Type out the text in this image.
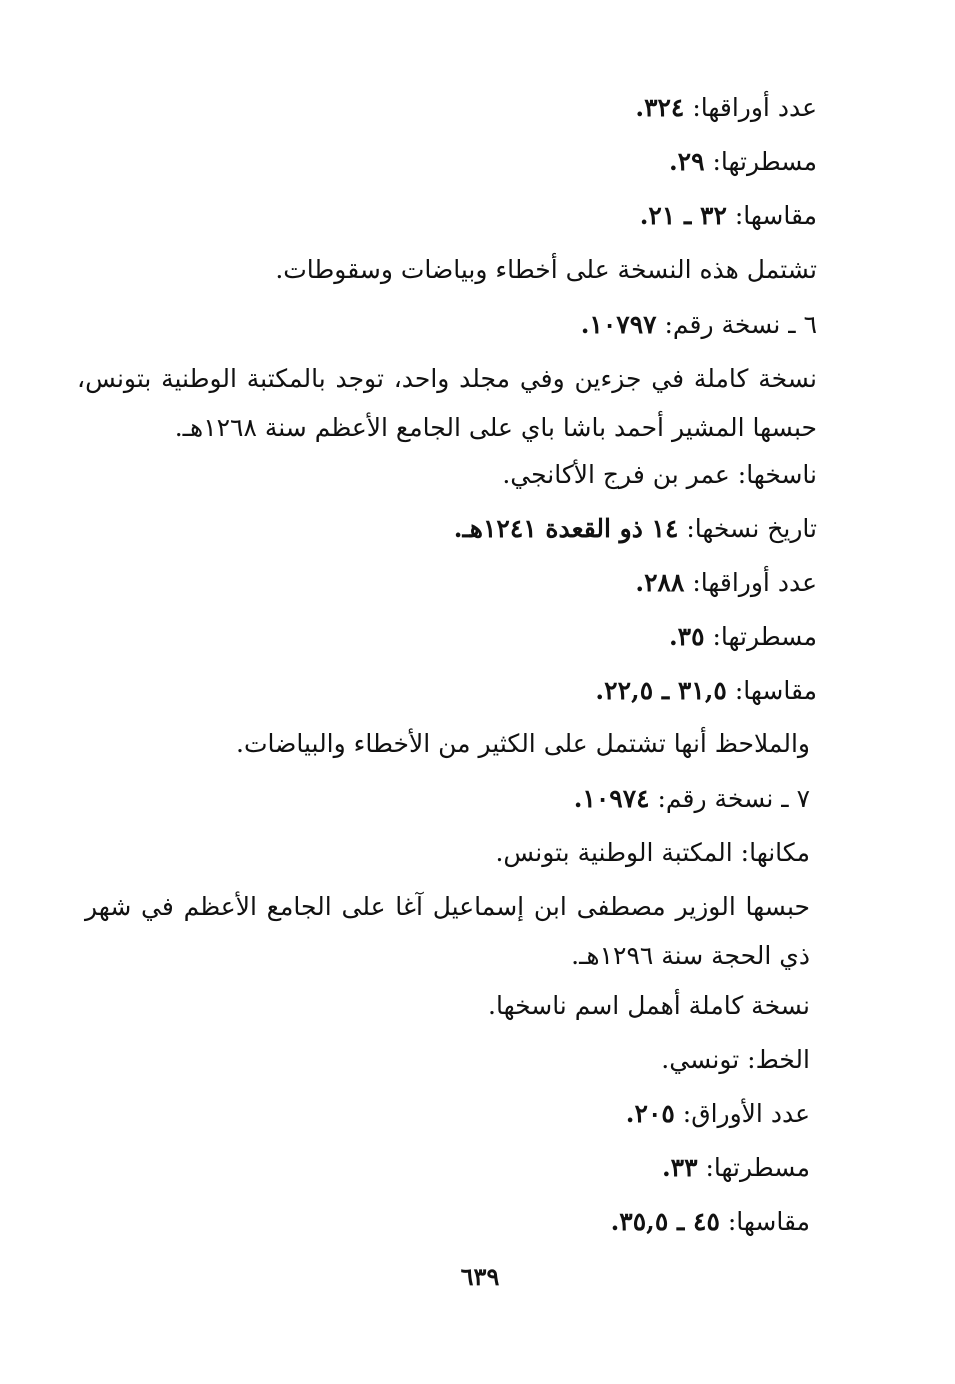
عدد أوراقها: ٣٢٤.
مسطرتها: ٢٩.
مقاسها: ٣٢ ـ ٢١.
تشتمل هذه النسخة على أخطاء وبياضات وسقوطات.
٦ ـ نسخة رقم: ١٠٧٩٧.
نسخة كاملة في جزءين وفي مجلد واحد، توجد بالمكتبة الوطنية بتونس، حبسها المشير أحمد باشا باي على الجامع الأعظم سنة ١٢٦٨هـ.
ناسخها: عمر بن فرج الأكانجي.
تاريخ نسخها: ١٤ ذو القعدة ١٢٤١هـ.
عدد أوراقها: ٢٨٨.
مسطرتها: ٣٥.
مقاسها: ٣١,٥ ـ ٢٢,٥.
والملاحظ أنها تشتمل على الكثير من الأخطاء والبياضات.
٧ ـ نسخة رقم: ١٠٩٧٤.
مكانها: المكتبة الوطنية بتونس.
حبسها الوزير مصطفى ابن إسماعيل آغا على الجامع الأعظم في شهر ذي الحجة سنة ١٢٩٦هـ.
نسخة كاملة أهمل اسم ناسخها.
الخط: تونسي.
عدد الأوراق: ٢٠٥.
مسطرتها: ٣٣.
مقاسها: ٤٥ ـ ٣٥,٥.
٦٣٩
